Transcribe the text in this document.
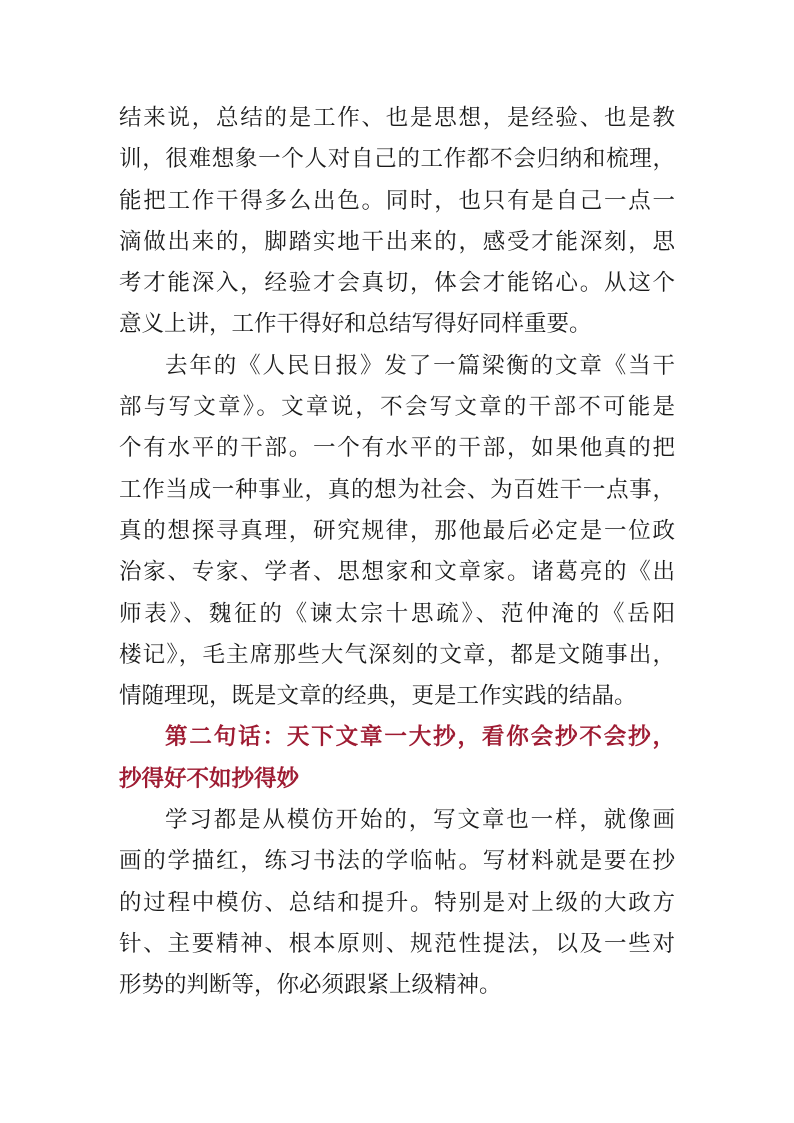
结来说，总结的是工作、也是思想，是经验、也是教
训，很难想象一个人对自己的工作都不会归纳和梳理，
能把工作干得多么出色。同时，也只有是自己一点一
滴做出来的，脚踏实地干出来的，感受才能深刻，思
考才能深入，经验才会真切，体会才能铭心。从这个
意义上讲，工作干得好和总结写得好同样重要。
去年的《人民日报》发了一篇梁衡的文章《当干
部与写文章》。文章说，不会写文章的干部不可能是
个有水平的干部。一个有水平的干部，如果他真的把
工作当成一种事业，真的想为社会、为百姓干一点事，
真的想探寻真理，研究规律，那他最后必定是一位政
治家、专家、学者、思想家和文章家。诸葛亮的《出
师表》、魏征的《谏太宗十思疏》、范仲淹的《岳阳
楼记》，毛主席那些大气深刻的文章，都是文随事出，
情随理现，既是文章的经典，更是工作实践的结晶。
第二句话：天下文章一大抄，看你会抄不会抄，
抄得好不如抄得妙
学习都是从模仿开始的，写文章也一样，就像画
画的学描红，练习书法的学临帖。写材料就是要在抄
的过程中模仿、总结和提升。特别是对上级的大政方
针、主要精神、根本原则、规范性提法，以及一些对
形势的判断等，你必须跟紧上级精神。
